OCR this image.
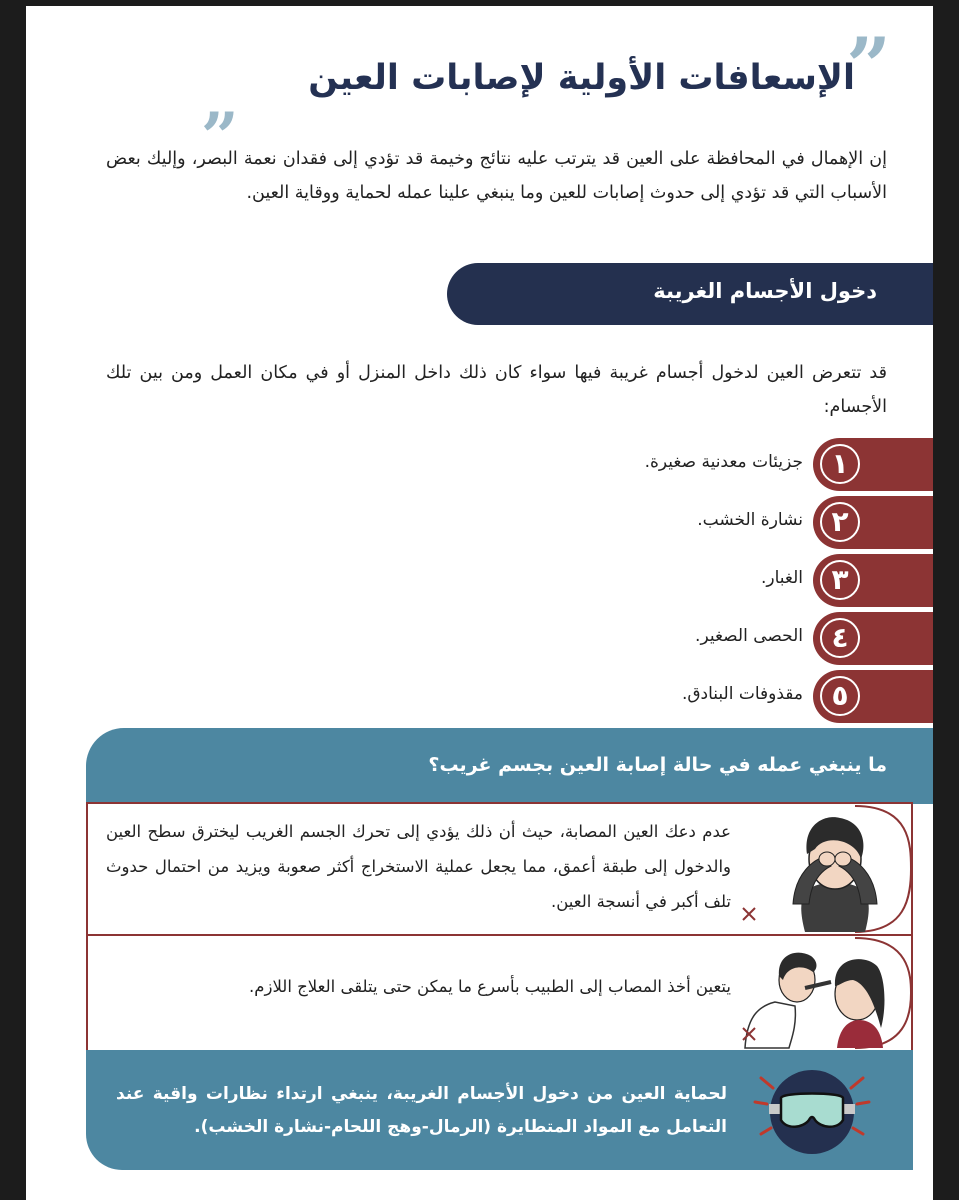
”
„ الإسعافات الأولية لإصابات العين
إن الإهمال في المحافظة على العين قد يترتب عليه نتائج وخيمة قد تؤدي إلى فقدان نعمة البصر، وإليك بعض الأسباب التي قد تؤدي إلى حدوث إصابات للعين وما ينبغي علينا عمله لحماية ووقاية العين.
دخول الأجسام الغريبة
قد تتعرض العين لدخول أجسام غريبة فيها سواء كان ذلك داخل المنزل أو في مكان العمل ومن بين تلك الأجسام:
١
جزيئات معدنية صغيرة.
٢
نشارة الخشب.
٣
الغبار.
٤
الحصى الصغير.
٥
مقذوفات البنادق.
ما ينبغي عمله في حالة إصابة العين بجسم غريب؟
عدم دعك العين المصابة، حيث أن ذلك يؤدي إلى تحرك الجسم الغريب ليخترق سطح العين والدخول إلى طبقة أعمق، مما يجعل عملية الاستخراج أكثر صعوبة ويزيد من احتمال حدوث تلف أكبر في أنسجة العين.
يتعين أخذ المصاب إلى الطبيب بأسرع ما يمكن حتى يتلقى العلاج اللازم.
لحماية العين من دخول الأجسام الغريبة، ينبغي ارتداء نظارات واقية عند التعامل مع المواد المتطايرة (الرمال-وهج اللحام-نشارة الخشب).
